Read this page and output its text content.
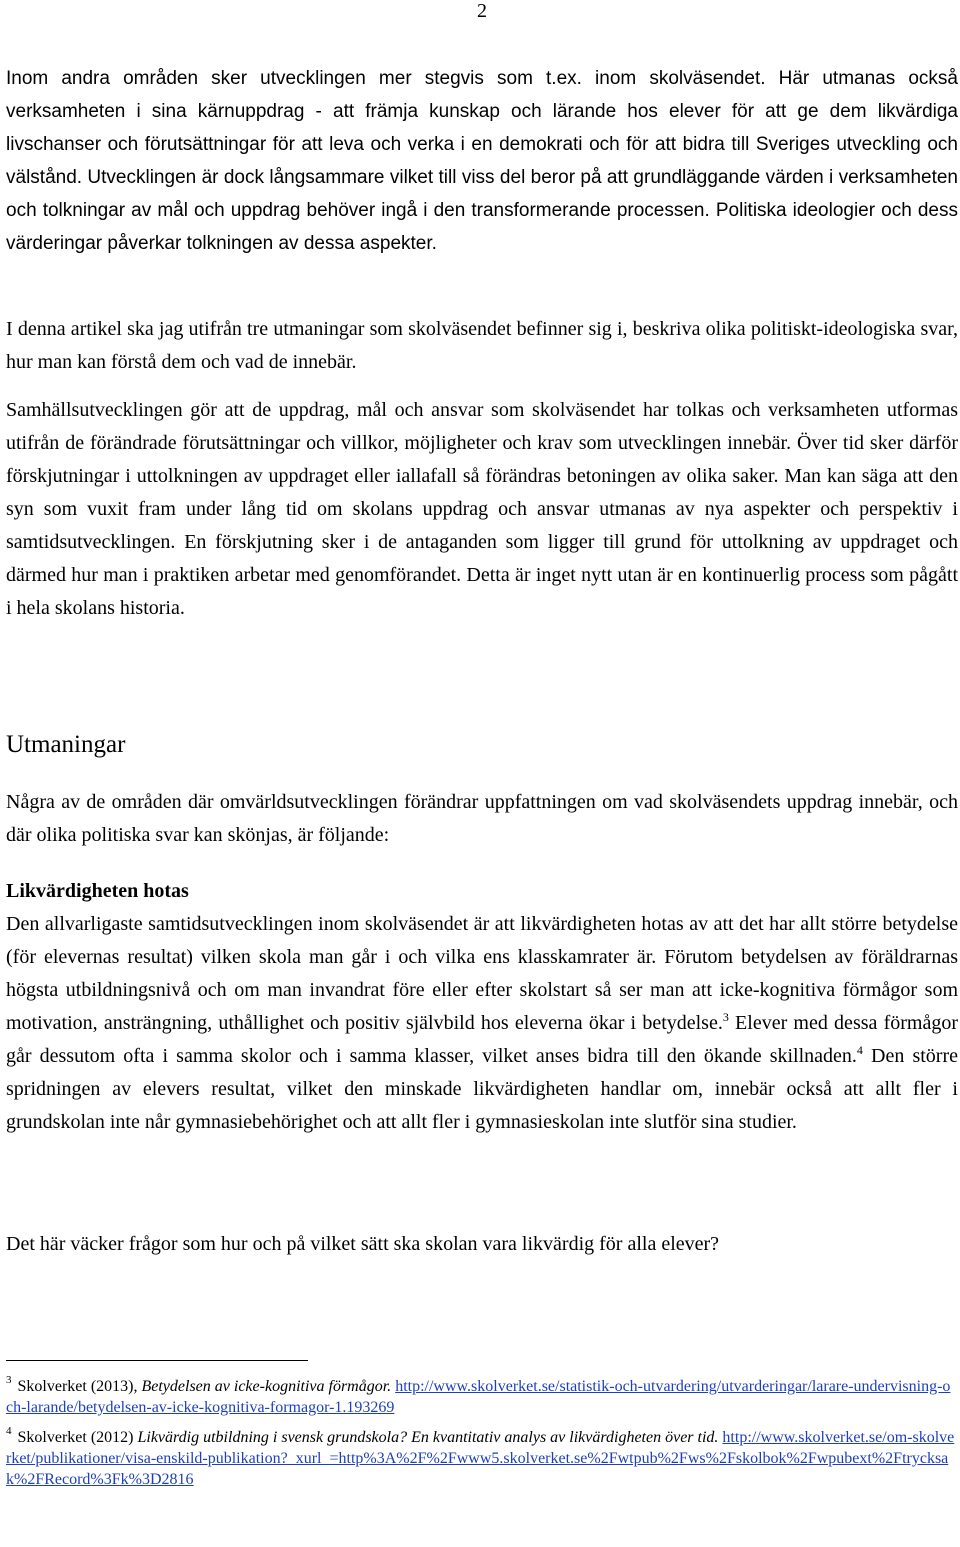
2

Inom andra områden sker utvecklingen mer stegvis som t.ex. inom skolväsendet. Här utmanas också verksamheten i sina kärnuppdrag - att främja kunskap och lärande hos elever för att ge dem likvärdiga livschanser och förutsättningar för att leva och verka i en demokrati och för att bidra till Sveriges utveckling och välstånd. Utvecklingen är dock långsammare vilket till viss del beror på att grundläggande värden i verksamheten och tolkningar av mål och uppdrag behöver ingå i den transformerande processen. Politiska ideologier och dess värderingar påverkar tolkningen av dessa aspekter.

I denna artikel ska jag utifrån tre utmaningar som skolväsendet befinner sig i, beskriva olika politiskt-ideologiska svar, hur man kan förstå dem och vad de innebär.

Samhällsutvecklingen gör att de uppdrag, mål och ansvar som skolväsendet har tolkas och verksamheten utformas utifrån de förändrade förutsättningar och villkor, möjligheter och krav som utvecklingen innebär. Över tid sker därför förskjutningar i uttolkningen av uppdraget eller iallafall så förändras betoningen av olika saker. Man kan säga att den syn som vuxit fram under lång tid om skolans uppdrag och ansvar utmanas av nya aspekter och perspektiv i samtidsutvecklingen. En förskjutning sker i de antaganden som ligger till grund för uttolkning av uppdraget och därmed hur man i praktiken arbetar med genomförandet. Detta är inget nytt utan är en kontinuerlig process som pågått i hela skolans historia.

Utmaningar

Några av de områden där omvärldsutvecklingen förändrar uppfattningen om vad skolväsendets uppdrag innebär, och där olika politiska svar kan skönjas, är följande:

Likvärdigheten hotas

Den allvarligaste samtidsutvecklingen inom skolväsendet är att likvärdigheten hotas av att det har allt större betydelse (för elevernas resultat) vilken skola man går i och vilka ens klasskamrater är. Förutom betydelsen av föräldrarnas högsta utbildningsnivå och om man invandrat före eller efter skolstart så ser man att icke-kognitiva förmågor som motivation, ansträngning, uthållighet och positiv självbild hos eleverna ökar i betydelse.$^3$ Elever med dessa förmågor går dessutom ofta i samma skolor och i samma klasser, vilket anses bidra till den ökande skillnaden.$^4$ Den större spridningen av elevers resultat, vilket den minskade likvärdigheten handlar om, innebär också att allt fler i grundskolan inte når gymnasiebehörighet och att allt fler i gymnasieskolan inte slutför sina studier.

Det här väcker frågor som hur och på vilket sätt ska skolan vara likvärdig för alla elever?

$^3$ Skolverket (2013), Betydelsen av icke-kognitiva förmågor. http://www.skolverket.se/statistik-och-utvardering/utvarderingar/larare-undervisning-och-larande/betydelsen-av-icke-kognitiva-formagor-1.193269

$^4$ Skolverket (2012) Likvärdig utbildning i svensk grundskola? En kvantitativ analys av likvärdigheten över tid. http://www.skolverket.se/om-skolverket/publikationer/visa-enskild-publikation?_xurl_=http%3A%2F%2Fwww5.skolverket.se%2Fwtpub%2Fws%2Fskolbok%2Fwpubext%2Ftrycksak%2FRecord%3Fk%3D2816
